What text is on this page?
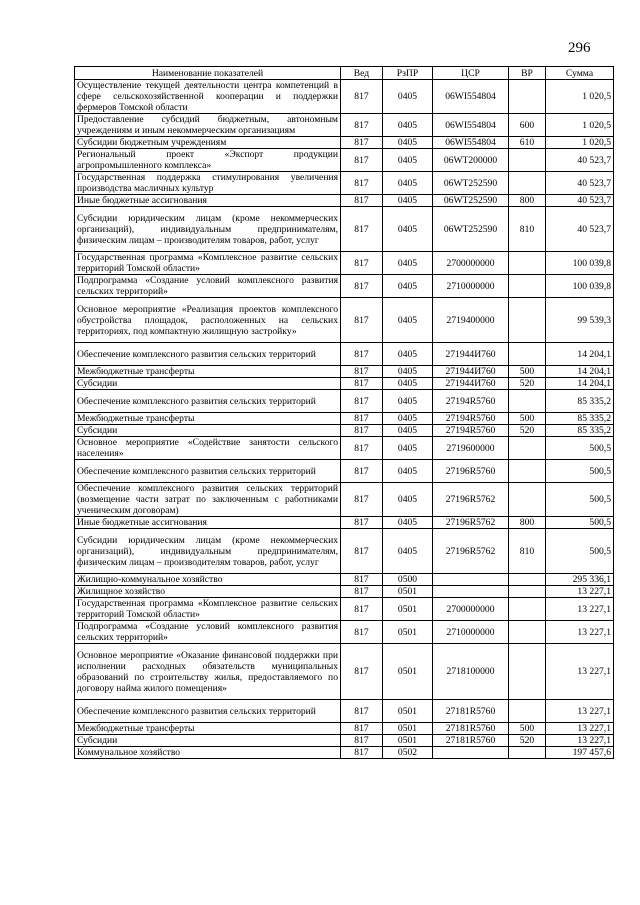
296
Наименование показателей	Вед	РзПР	ЦСР	ВР	Сумма
Осуществление текущей деятельности центра компетенций в сфере сельскохозяйственной кооперации и поддержки фермеров Томской области	817	0405	06WI554804		1 020,5
Предоставление субсидий бюджетным, автономным учреждениям и иным некоммерческим организациям	817	0405	06WI554804	600	1 020,5
Субсидии бюджетным учреждениям	817	0405	06WI554804	610	1 020,5
Региональный проект «Экспорт продукции агропромышленного комплекса»	817	0405	06WT200000		40 523,7
Государственная поддержка стимулирования увеличения производства масличных культур	817	0405	06WT252590		40 523,7
Иные бюджетные ассигнования	817	0405	06WT252590	800	40 523,7
Субсидии юридическим лицам (кроме некоммерческих организаций), индивидуальным предпринимателям, физическим лицам – производителям товаров, работ, услуг	817	0405	06WT252590	810	40 523,7
Государственная программа «Комплексное развитие сельских территорий Томской области»	817	0405	2700000000		100 039,8
Подпрограмма «Создание условий комплексного развития сельских территорий»	817	0405	2710000000		100 039,8
Основное мероприятие «Реализация проектов комплексного обустройства площадок, расположенных на сельских территориях, под компактную жилищную застройку»	817	0405	2719400000		99 539,3
Обеспечение комплексного развития сельских территорий	817	0405	271944И760		14 204,1
Межбюджетные трансферты	817	0405	271944И760	500	14 204,1
Субсидии	817	0405	271944И760	520	14 204,1
Обеспечение комплексного развития сельских территорий	817	0405	27194R5760		85 335,2
Межбюджетные трансферты	817	0405	27194R5760	500	85 335,2
Субсидии	817	0405	27194R5760	520	85 335,2
Основное мероприятие «Содействие занятости сельского населения»	817	0405	2719600000		500,5
Обеспечение комплексного развития сельских территорий	817	0405	27196R5760		500,5
Обеспечение комплексного развития сельских территорий (возмещение части затрат по заключенным с работниками ученическим договорам)	817	0405	27196R5762		500,5
Иные бюджетные ассигнования	817	0405	27196R5762	800	500,5
Субсидии юридическим лицам (кроме некоммерческих организаций), индивидуальным предпринимателям, физическим лицам – производителям товаров, работ, услуг	817	0405	27196R5762	810	500,5
Жилищно-коммунальное хозяйство	817	0500			295 336,1
Жилищное хозяйство	817	0501			13 227,1
Государственная программа «Комплексное развитие сельских территорий Томской области»	817	0501	2700000000		13 227,1
Подпрограмма «Создание условий комплексного развития сельских территорий»	817	0501	2710000000		13 227,1
Основное мероприятие «Оказание финансовой поддержки при исполнении расходных обязательств муниципальных образований по строительству жилья, предоставляемого по договору найма жилого помещения»	817	0501	2718100000		13 227,1
Обеспечение комплексного развития сельских территорий	817	0501	27181R5760		13 227,1
Межбюджетные трансферты	817	0501	27181R5760	500	13 227,1
Субсидии	817	0501	27181R5760	520	13 227,1
Коммунальное хозяйство	817	0502			197 457,6
